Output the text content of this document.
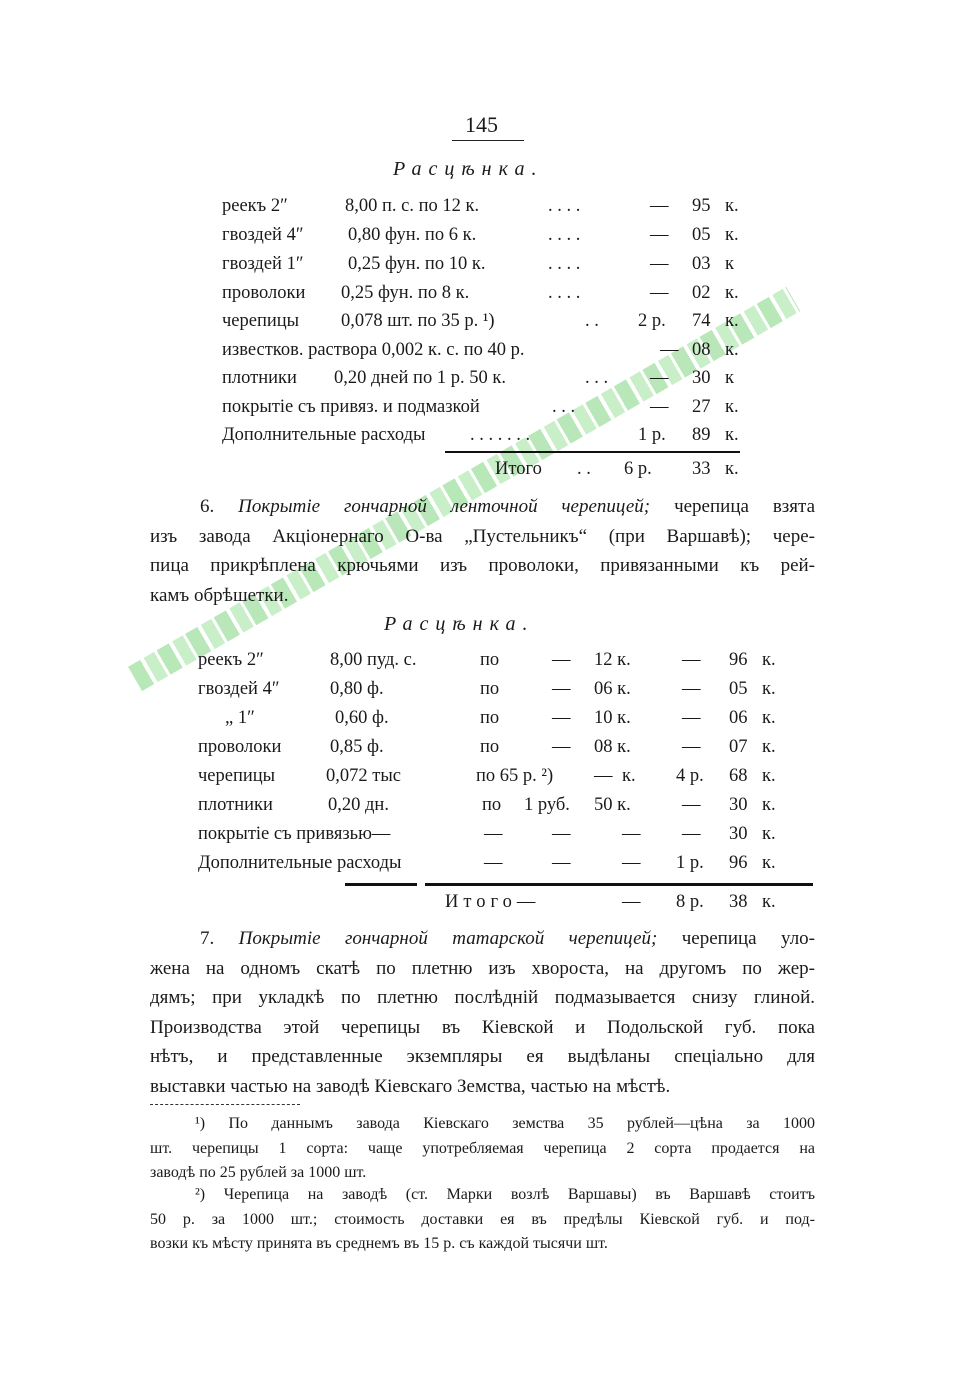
145
Расцѣнка.
реекъ 2″	8,00 п. с. по 12 к.	. . . .	— 95 к.
гвоздей 4″ 0,80 фун. по 6 к.	. . . .	— 05 к.
гвоздей 1″ 0,25 фун. по 10 к.	. . . .	— 03 к
проволоки 0,25 фун. по 8 к.	. . . .	— 02 к.
черепицы 0,078 шт. по 35 р. ¹)	. . 2 р. 74 к.
известков. раствора 0,002 к. с. по 40 р.	— 08 к.
плотники 0,20 дней по 1 р. 50 к.	. . . — 30 к
покрытіе съ привяз. и подмазкой	. . .	— 27 к.
Дополнительные расходы . . . . . . .	1 р. 89 к.
Итого . . 6 р. 33 к.
6. Покрытіе гончарной ленточной черепицей; черепица взята
изъ завода Акціонернаго О-ва „Пустельникъ“ (при Варшавѣ); чере-
пица прикрѣплена крючьями изъ проволоки, привязанными къ рей-
камъ обрѣшетки.
Расцѣнка.
реекъ 2″	8,00 пуд. с.	по	— 12 к.	— 96 к.
гвоздей 4″	0,80 ф.	по	— 06 к.	— 05 к.
„ 1″	0,60 ф.	по	— 10 к.	— 06 к.
проволоки	0,85 ф.	по	— 08 к.	— 07 к.
черепицы	0,072 тыс	по 65 р. ²) — к. 4 р. 68 к.
плотники	0,20 дн.	по 1 руб. 50 к.	— 30 к.
покрытіе съ привязью—	—	—	— — 30 к.
Дополнительные расходы	—	—	— 1 р. 96 к.
Итого—	— 8 р. 38 к.
7. Покрытіе гончарной татарской черепицей; черепица уло-
жена на одномъ скатѣ по плетню изъ хвороста, на другомъ по жер-
дямъ; при укладкѣ по плетню послѣдній подмазывается снизу глиной.
Производства этой черепицы въ Кіевской и Подольской губ. пока
нѣтъ, и представленные экземпляры ея выдѣланы спеціально для
выставки частью на заводѣ Кіевскаго Земства, частью на мѣстѣ.
¹) По даннымъ завода Кіевскаго земства 35 рублей—цѣна за 1000
шт. черепицы 1 сорта: чаще употребляемая черепица 2 сорта продается на
заводѣ по 25 рублей за 1000 шт.
²) Черепица на заводѣ (ст. Марки возлѣ Варшавы) въ Варшавѣ стоитъ
50 р. за 1000 шт.; стоимость доставки ея въ предѣлы Кіевской губ. и под-
возки къ мѣсту принята въ среднемъ въ 15 р. съ каждой тысячи шт.
